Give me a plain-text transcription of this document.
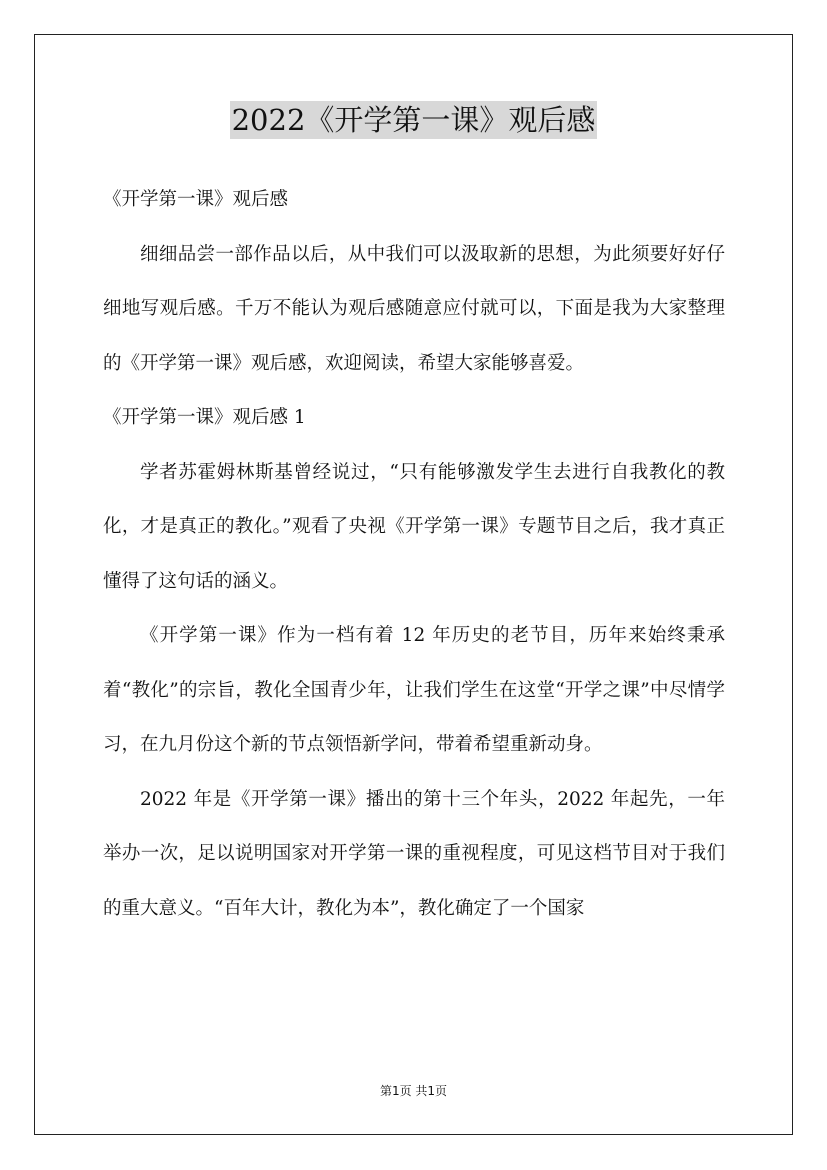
2022《开学第一课》观后感

《开学第一课》观后感

细细品尝一部作品以后，从中我们可以汲取新的思想，为此须要好好仔细地写观后感。千万不能认为观后感随意应付就可以，下面是我为大家整理的《开学第一课》观后感，欢迎阅读，希望大家能够喜爱。

《开学第一课》观后感 1

学者苏霍姆林斯基曾经说过，“只有能够激发学生去进行自我教化的教化，才是真正的教化。”观看了央视《开学第一课》专题节目之后，我才真正懂得了这句话的涵义。

《开学第一课》作为一档有着 12 年历史的老节目，历年来始终秉承着“教化”的宗旨，教化全国青少年，让我们学生在这堂“开学之课”中尽情学习，在九月份这个新的节点领悟新学问，带着希望重新动身。

2022 年是《开学第一课》播出的第十三个年头，2022 年起先，一年举办一次，足以说明国家对开学第一课的重视程度，可见这档节目对于我们的重大意义。“百年大计，教化为本”，教化确定了一个国家

第1页 共1页
